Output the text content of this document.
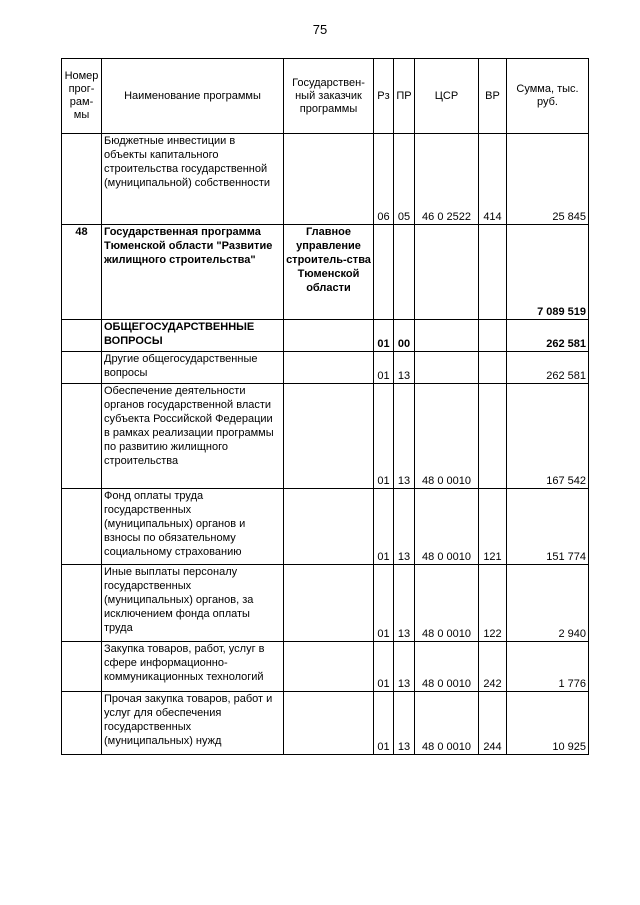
75
Номер прог-рам-мы	Наименование программы	Государствен-ный заказчик программы	Рз	ПР	ЦСР	ВР	Сумма, тыс. руб.
	Бюджетные инвестиции в объекты капитального строительства государственной (муниципальной) собственности		06	05	46 0 2522	414	25 845
48	Государственная программа Тюменской области "Развитие жилищного строительства"	Главное управление строитель-ства Тюменской области					7 089 519
	ОБЩЕГОСУДАРСТВЕННЫЕ ВОПРОСЫ		01	00			262 581
	Другие общегосударственные вопросы		01	13			262 581
	Обеспечение деятельности органов государственной власти субъекта Российской Федерации в рамках реализации программы по развитию жилищного строительства		01	13	48 0 0010		167 542
	Фонд оплаты труда государственных (муниципальных) органов и взносы по обязательному социальному страхованию		01	13	48 0 0010	121	151 774
	Иные выплаты персоналу государственных (муниципальных) органов, за исключением фонда оплаты труда		01	13	48 0 0010	122	2 940
	Закупка товаров, работ, услуг в сфере информационно-коммуникационных технологий		01	13	48 0 0010	242	1 776
	Прочая закупка товаров, работ и услуг для обеспечения государственных (муниципальных) нужд		01	13	48 0 0010	244	10 925
